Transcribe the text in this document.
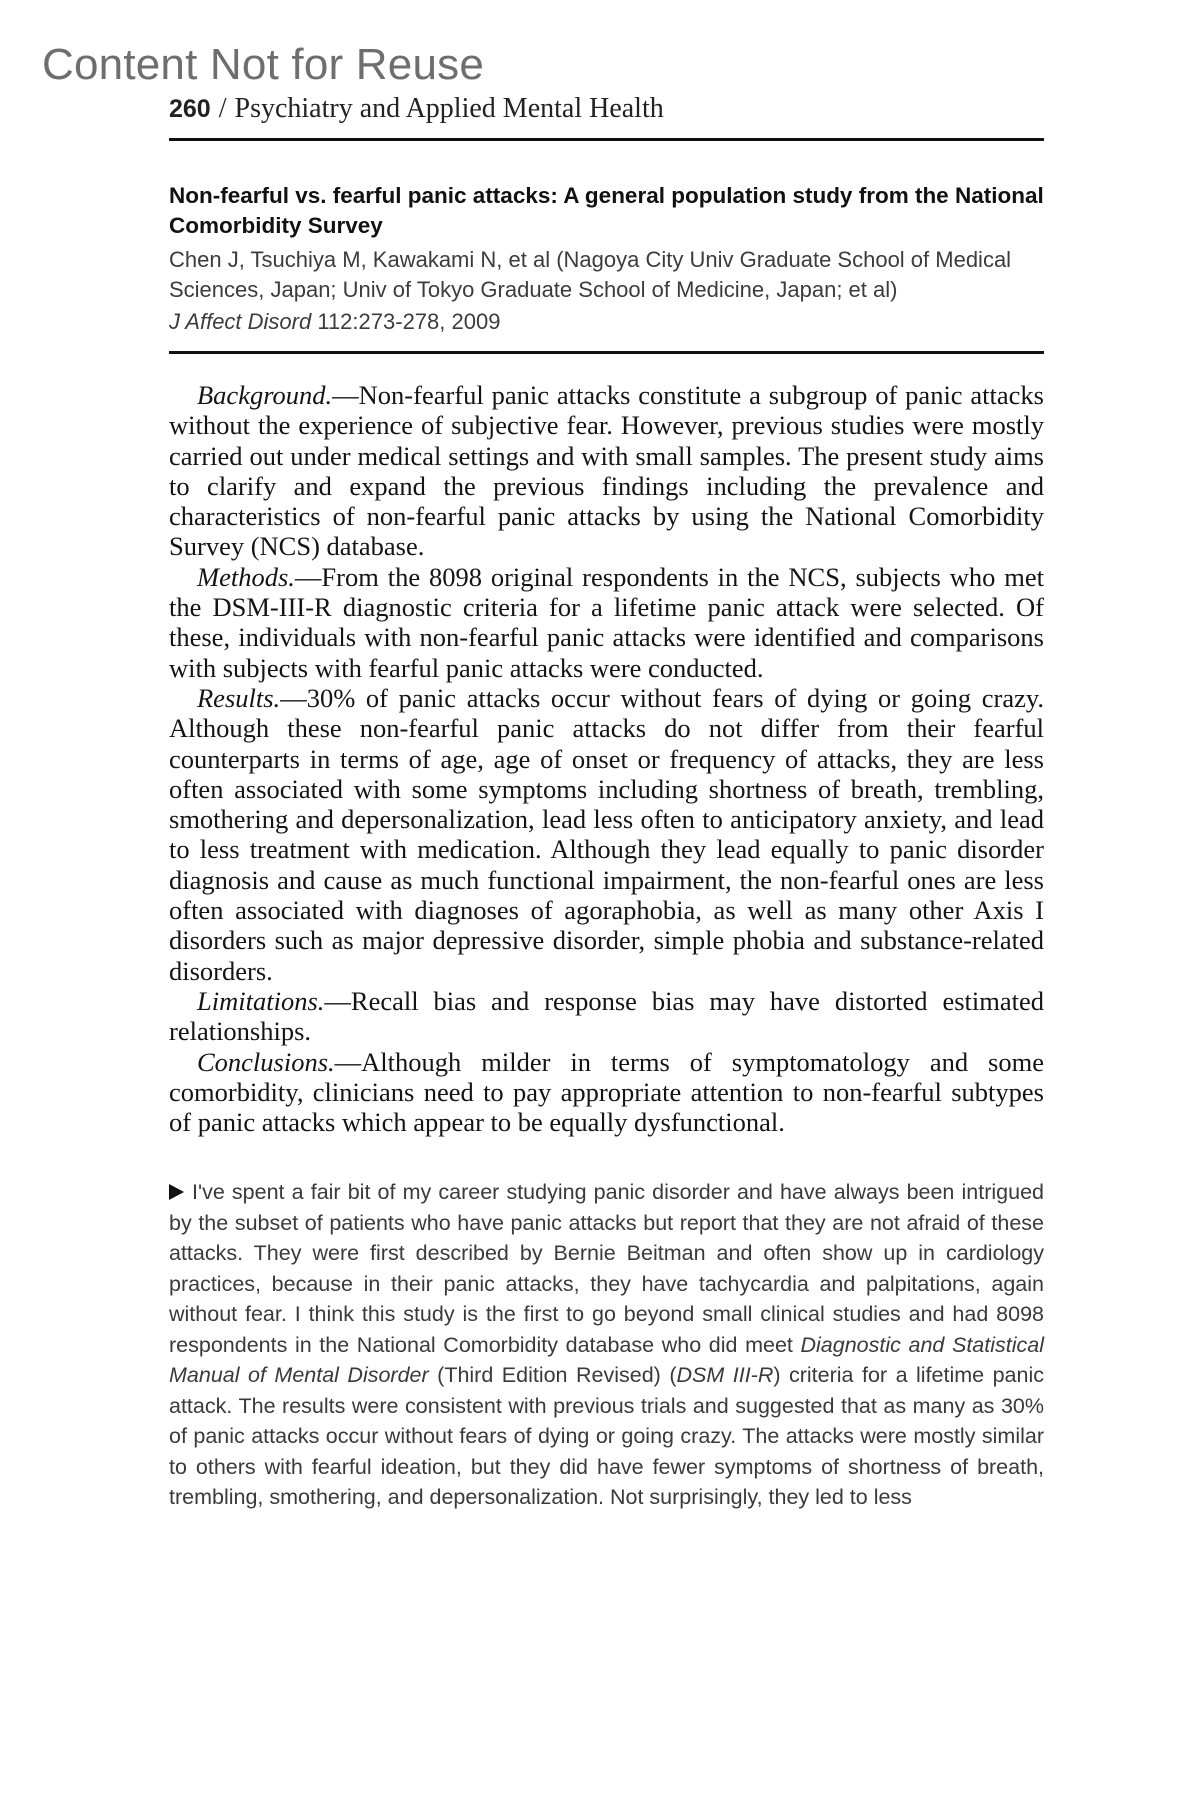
Content Not for Reuse
260 / Psychiatry and Applied Mental Health

Non-fearful vs. fearful panic attacks: A general population study from the National Comorbidity Survey

Chen J, Tsuchiya M, Kawakami N, et al (Nagoya City Univ Graduate School of Medical Sciences, Japan; Univ of Tokyo Graduate School of Medicine, Japan; et al)

J Affect Disord 112:273-278, 2009

Background.—Non-fearful panic attacks constitute a subgroup of panic attacks without the experience of subjective fear. However, previous studies were mostly carried out under medical settings and with small samples. The present study aims to clarify and expand the previous findings including the prevalence and characteristics of non-fearful panic attacks by using the National Comorbidity Survey (NCS) database.

Methods.—From the 8098 original respondents in the NCS, subjects who met the DSM-III-R diagnostic criteria for a lifetime panic attack were selected. Of these, individuals with non-fearful panic attacks were identified and comparisons with subjects with fearful panic attacks were conducted.

Results.—30% of panic attacks occur without fears of dying or going crazy. Although these non-fearful panic attacks do not differ from their fearful counterparts in terms of age, age of onset or frequency of attacks, they are less often associated with some symptoms including shortness of breath, trembling, smothering and depersonalization, lead less often to anticipatory anxiety, and lead to less treatment with medication. Although they lead equally to panic disorder diagnosis and cause as much functional impairment, the non-fearful ones are less often associated with diagnoses of agoraphobia, as well as many other Axis I disorders such as major depressive disorder, simple phobia and substance-related disorders.

Limitations.—Recall bias and response bias may have distorted estimated relationships.

Conclusions.—Although milder in terms of symptomatology and some comorbidity, clinicians need to pay appropriate attention to non-fearful subtypes of panic attacks which appear to be equally dysfunctional.

I've spent a fair bit of my career studying panic disorder and have always been intrigued by the subset of patients who have panic attacks but report that they are not afraid of these attacks. They were first described by Bernie Beitman and often show up in cardiology practices, because in their panic attacks, they have tachycardia and palpitations, again without fear. I think this study is the first to go beyond small clinical studies and had 8098 respondents in the National Comorbidity database who did meet Diagnostic and Statistical Manual of Mental Disorder (Third Edition Revised) (DSM III-R) criteria for a lifetime panic attack. The results were consistent with previous trials and suggested that as many as 30% of panic attacks occur without fears of dying or going crazy. The attacks were mostly similar to others with fearful ideation, but they did have fewer symptoms of shortness of breath, trembling, smothering, and depersonalization. Not surprisingly, they led to less
